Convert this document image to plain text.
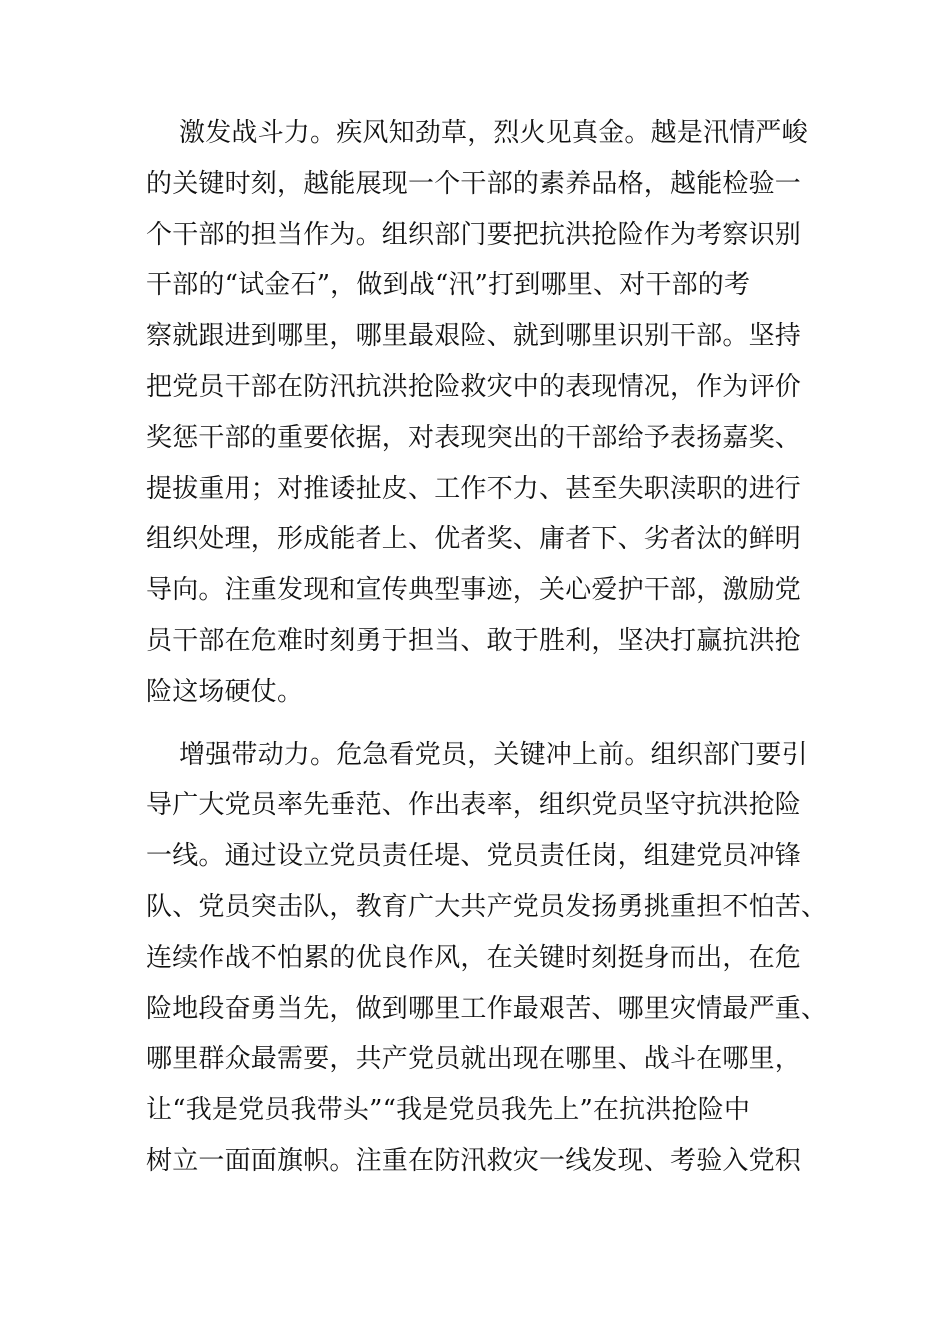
激发战斗力。疾风知劲草，烈火见真金。越是汛情严峻
的关键时刻，越能展现一个干部的素养品格，越能检验一
个干部的担当作为。组织部门要把抗洪抢险作为考察识别
干部的“试金石”，做到战“汛”打到哪里、对干部的考
察就跟进到哪里，哪里最艰险、就到哪里识别干部。坚持
把党员干部在防汛抗洪抢险救灾中的表现情况，作为评价
奖惩干部的重要依据，对表现突出的干部给予表扬嘉奖、
提拔重用；对推诿扯皮、工作不力、甚至失职渎职的进行
组织处理，形成能者上、优者奖、庸者下、劣者汰的鲜明
导向。注重发现和宣传典型事迹，关心爱护干部，激励党
员干部在危难时刻勇于担当、敢于胜利，坚决打赢抗洪抢
险这场硬仗。
增强带动力。危急看党员，关键冲上前。组织部门要引
导广大党员率先垂范、作出表率，组织党员坚守抗洪抢险
一线。通过设立党员责任堤、党员责任岗，组建党员冲锋
队、党员突击队，教育广大共产党员发扬勇挑重担不怕苦、
连续作战不怕累的优良作风，在关键时刻挺身而出，在危
险地段奋勇当先，做到哪里工作最艰苦、哪里灾情最严重、
哪里群众最需要，共产党员就出现在哪里、战斗在哪里，
让“我是党员我带头”“我是党员我先上”在抗洪抢险中
树立一面面旗帜。注重在防汛救灾一线发现、考验入党积
